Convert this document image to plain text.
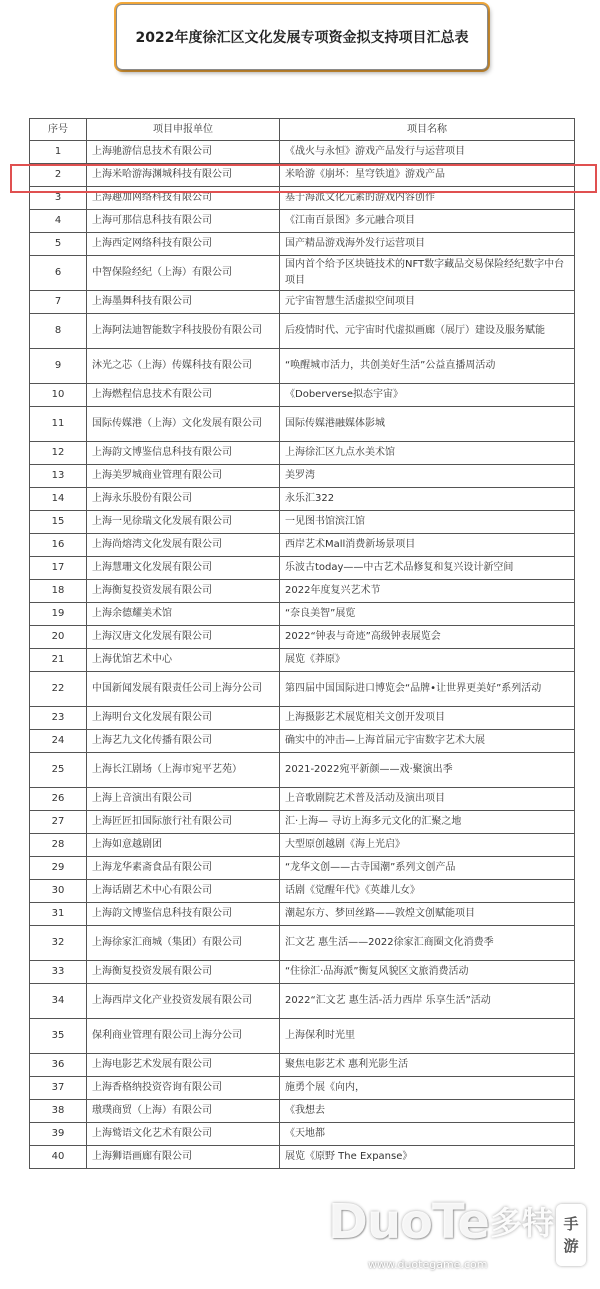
2022年度徐汇区文化发展专项资金拟支持项目汇总表
序号	项目申报单位	项目名称
1	上海驰游信息技术有限公司	《战火与永恒》游戏产品发行与运营项目
2	上海米哈游海渊城科技有限公司	米哈游《崩坏：星穹铁道》游戏产品
3	上海趣加网络科技有限公司	基于海派文化元素的游戏内容创作
4	上海可那信息科技有限公司	《江南百景图》多元融合项目
5	上海西定网络科技有限公司	国产精品游戏海外发行运营项目
6	中智保险经纪（上海）有限公司	国内首个给予区块链技术的NFT数字藏品交易保险经纪数字中台项目
7	上海墨舞科技有限公司	元宇宙智慧生活虚拟空间项目
8	上海阿法迪智能数字科技股份有限公司	后疫情时代、元宇宙时代虚拟画廊（展厅）建设及服务赋能
9	沐光之芯（上海）传媒科技有限公司	“唤醒城市活力，共创美好生活”公益直播周活动
10	上海燃程信息技术有限公司	《Doberverse拟态宇宙》
11	国际传媒港（上海）文化发展有限公司	国际传媒港融媒体影城
12	上海韵文博鉴信息科技有限公司	上海徐汇区九点水美术馆
13	上海美罗城商业管理有限公司	美罗湾
14	上海永乐股份有限公司	永乐汇322
15	上海一见徐瑞文化发展有限公司	一见图书馆滨江馆
16	上海尚熔湾文化发展有限公司	西岸艺术Mall消费新场景项目
17	上海慧珊文化发展有限公司	乐波古today——中古艺术品修复和复兴设计新空间
18	上海衡复投资发展有限公司	2022年度复兴艺术节
19	上海余德耀美术馆	“奈良美智”展览
20	上海汉唐文化发展有限公司	2022“钟表与奇迹”高级钟表展览会
21	上海优馆艺术中心	展览《莽原》
22	中国新闻发展有限责任公司上海分公司	第四届中国国际进口博览会“品牌•让世界更美好”系列活动
23	上海明台文化发展有限公司	上海摄影艺术展览相关文创开发项目
24	上海艺九文化传播有限公司	确实中的冲击—上海首届元宇宙数字艺术大展
25	上海长江剧场（上海市宛平艺苑）	2021-2022宛平新颜——戏·聚演出季
26	上海上音演出有限公司	上音歌剧院艺术普及活动及演出项目
27	上海匠匠扣国际旅行社有限公司	汇·上海— 寻访上海多元文化的汇聚之地
28	上海如意越剧团	大型原创越剧《海上光启》
29	上海龙华素斋食品有限公司	“龙华文创——古寺国潮”系列文创产品
30	上海话剧艺术中心有限公司	话剧《觉醒年代》《英雄儿女》
31	上海韵文博鉴信息科技有限公司	潮起东方、梦回丝路——敦煌文创赋能项目
32	上海徐家汇商城（集团）有限公司	汇文艺 惠生活——2022徐家汇商圈文化消费季
33	上海衡复投资发展有限公司	“住徐汇·品海派”衡复风貌区文旅消费活动
34	上海西岸文化产业投资发展有限公司	2022“汇文艺 惠生活-活力西岸 乐享生活”活动
35	保利商业管理有限公司上海分公司	上海保利时光里
36	上海电影艺术发展有限公司	聚焦电影艺术 惠利光影生活
37	上海香格纳投资咨询有限公司	施勇个展《向内，
38	璈璞商贸（上海）有限公司	《我想去
39	上海鹫语文化艺术有限公司	《天地都
40	上海狮语画廊有限公司	展览《原野 The Expanse》
DuoTe 多特 手
游
www.duotegame.com
